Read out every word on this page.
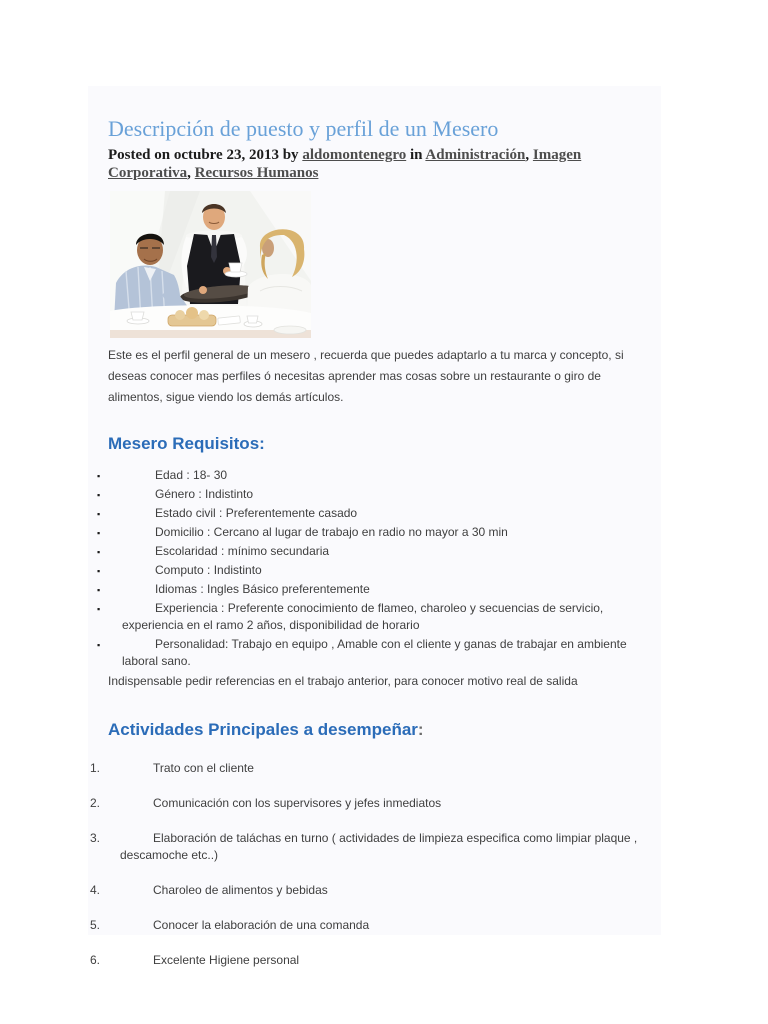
Descripción de puesto y perfil de un Mesero

Posted on octubre 23, 2013 by aldomontenegro in Administración, Imagen Corporativa, Recursos Humanos

Este es el perfil general de un mesero , recuerda que puedes adaptarlo a tu marca y concepto, si deseas conocer mas perfiles ó necesitas aprender mas cosas sobre un restaurante o giro de alimentos, sigue viendo los demás artículos.

Mesero Requisitos:
▪	Edad : 18- 30
▪	Género : Indistinto
▪	Estado civil : Preferentemente casado
▪	Domicilio : Cercano al lugar de trabajo en radio no mayor a 30 min
▪	Escolaridad : mínimo secundaria
▪	Computo : Indistinto
▪	Idiomas : Ingles Básico preferentemente
▪	Experiencia : Preferente conocimiento de flameo, charoleo y secuencias de servicio, experiencia en el ramo 2 años, disponibilidad de horario
▪	Personalidad: Trabajo en equipo , Amable con el cliente y ganas de trabajar en ambiente laboral sano.

Indispensable pedir referencias en el trabajo anterior, para conocer motivo real de salida

Actividades Principales a desempeñar:
1.	Trato con el cliente
2.	Comunicación con los supervisores y jefes inmediatos
3.	Elaboración de taláchas en turno ( actividades de limpieza especifica como limpiar plaque , descamoche etc..)
4.	Charoleo de alimentos y bebidas
5.	Conocer la elaboración de una comanda
6.	Excelente Higiene personal
